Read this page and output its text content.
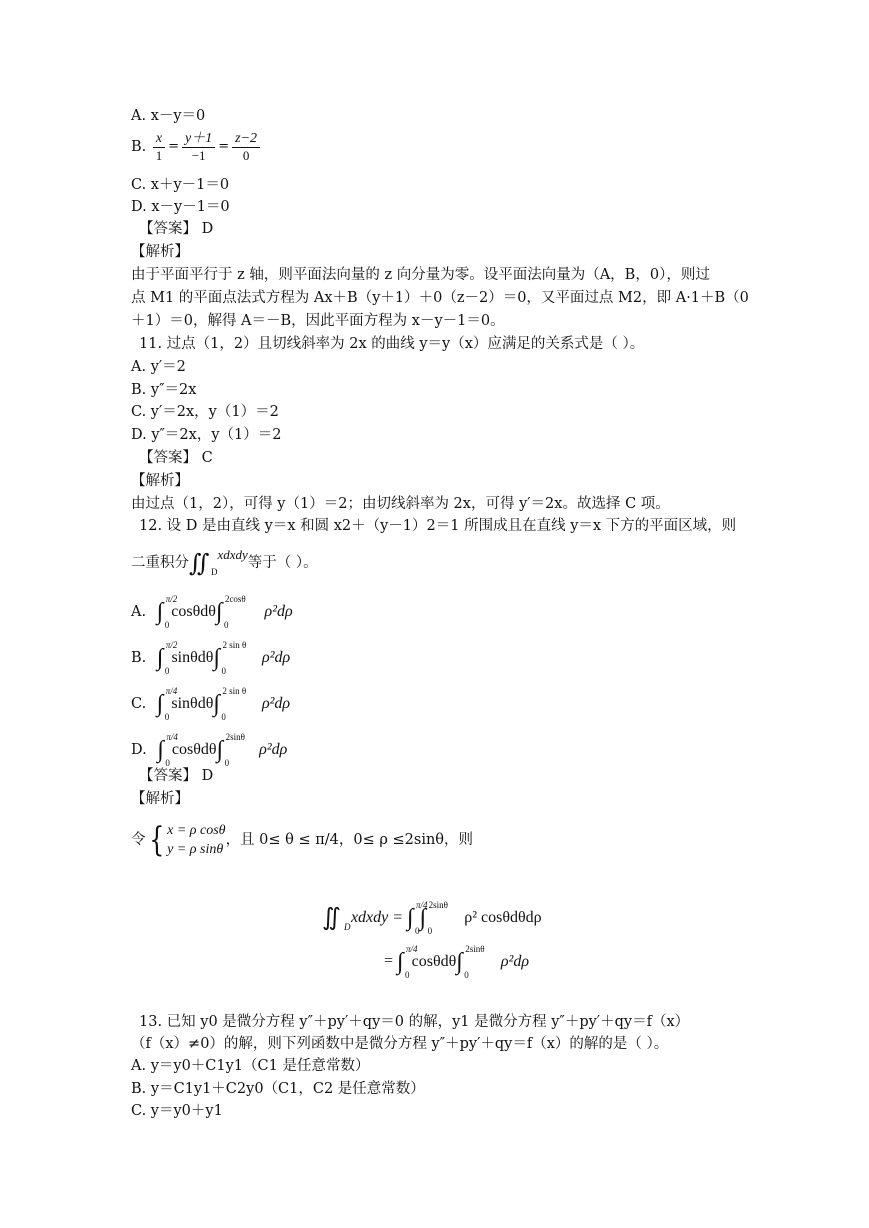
A. x－y＝0
B. $\frac{x}{1} = \frac{y+1}{-1} = \frac{z-2}{0}$
C. x＋y－1＝0
D. x－y－1＝0
【答案】 D
【解析】
由于平面平行于 z 轴，则平面法向量的 z 向分量为零。设平面法向量为（A，B，0），则过
点 M1 的平面点法式方程为 Ax＋B（y＋1）＋0（z－2）＝0，又平面过点 M2，即 A·1＋B（0
＋1）＝0，解得 A＝－B，因此平面方程为 x－y－1＝0。
11. 过点（1，2）且切线斜率为 2x 的曲线 y＝y（x）应满足的关系式是（ ）。
A. y′＝2
B. y″＝2x
C. y′＝2x，y（1）＝2
D. y″＝2x，y（1）＝2
【答案】 C
【解析】
由过点（1，2），可得 y（1）＝2；由切线斜率为 2x，可得 y′＝2x。故选择 C 项。
12. 设 D 是由直线 y＝x 和圆 x2＋（y－1）2＝1 所围成且在直线 y＝x 下方的平面区域，则
二重积分∬ D
xdxdy等于（ ）。
A. ∫ π/2
0
cosθdθ∫ 2cosθ
0
ρ²dρ
B. ∫ π/2
0
sinθdθ∫ 2 sin θ
0
ρ²dρ
C. ∫ π/4
0
sinθdθ∫ 2 sin θ
0
ρ²dρ
D. ∫ π/4
0
cosθdθ∫ 2sinθ
0
ρ²dρ
【答案】 D
【解析】
令{ x = ρ cosθ
y = ρ sinθ
，且 0≤ θ ≤ π/4，0≤ ρ ≤2sinθ，则
∬ D
xdxdy = ∫ π/4
0 ∫ 2sinθ
0
ρ² cosθdθdρ
= ∫ π/4
0
cosθdθ∫ 2sinθ
0
ρ²dρ
13. 已知 y0 是微分方程 y″＋py′＋qy＝0 的解，y1 是微分方程 y″＋py′＋qy＝f（x）
（f（x）≠0）的解，则下列函数中是微分方程 y″＋py′＋qy＝f（x）的解的是（ ）。
A. y＝y0＋C1y1（C1 是任意常数）
B. y＝C1y1＋C2y0（C1，C2 是任意常数）
C. y＝y0＋y1
